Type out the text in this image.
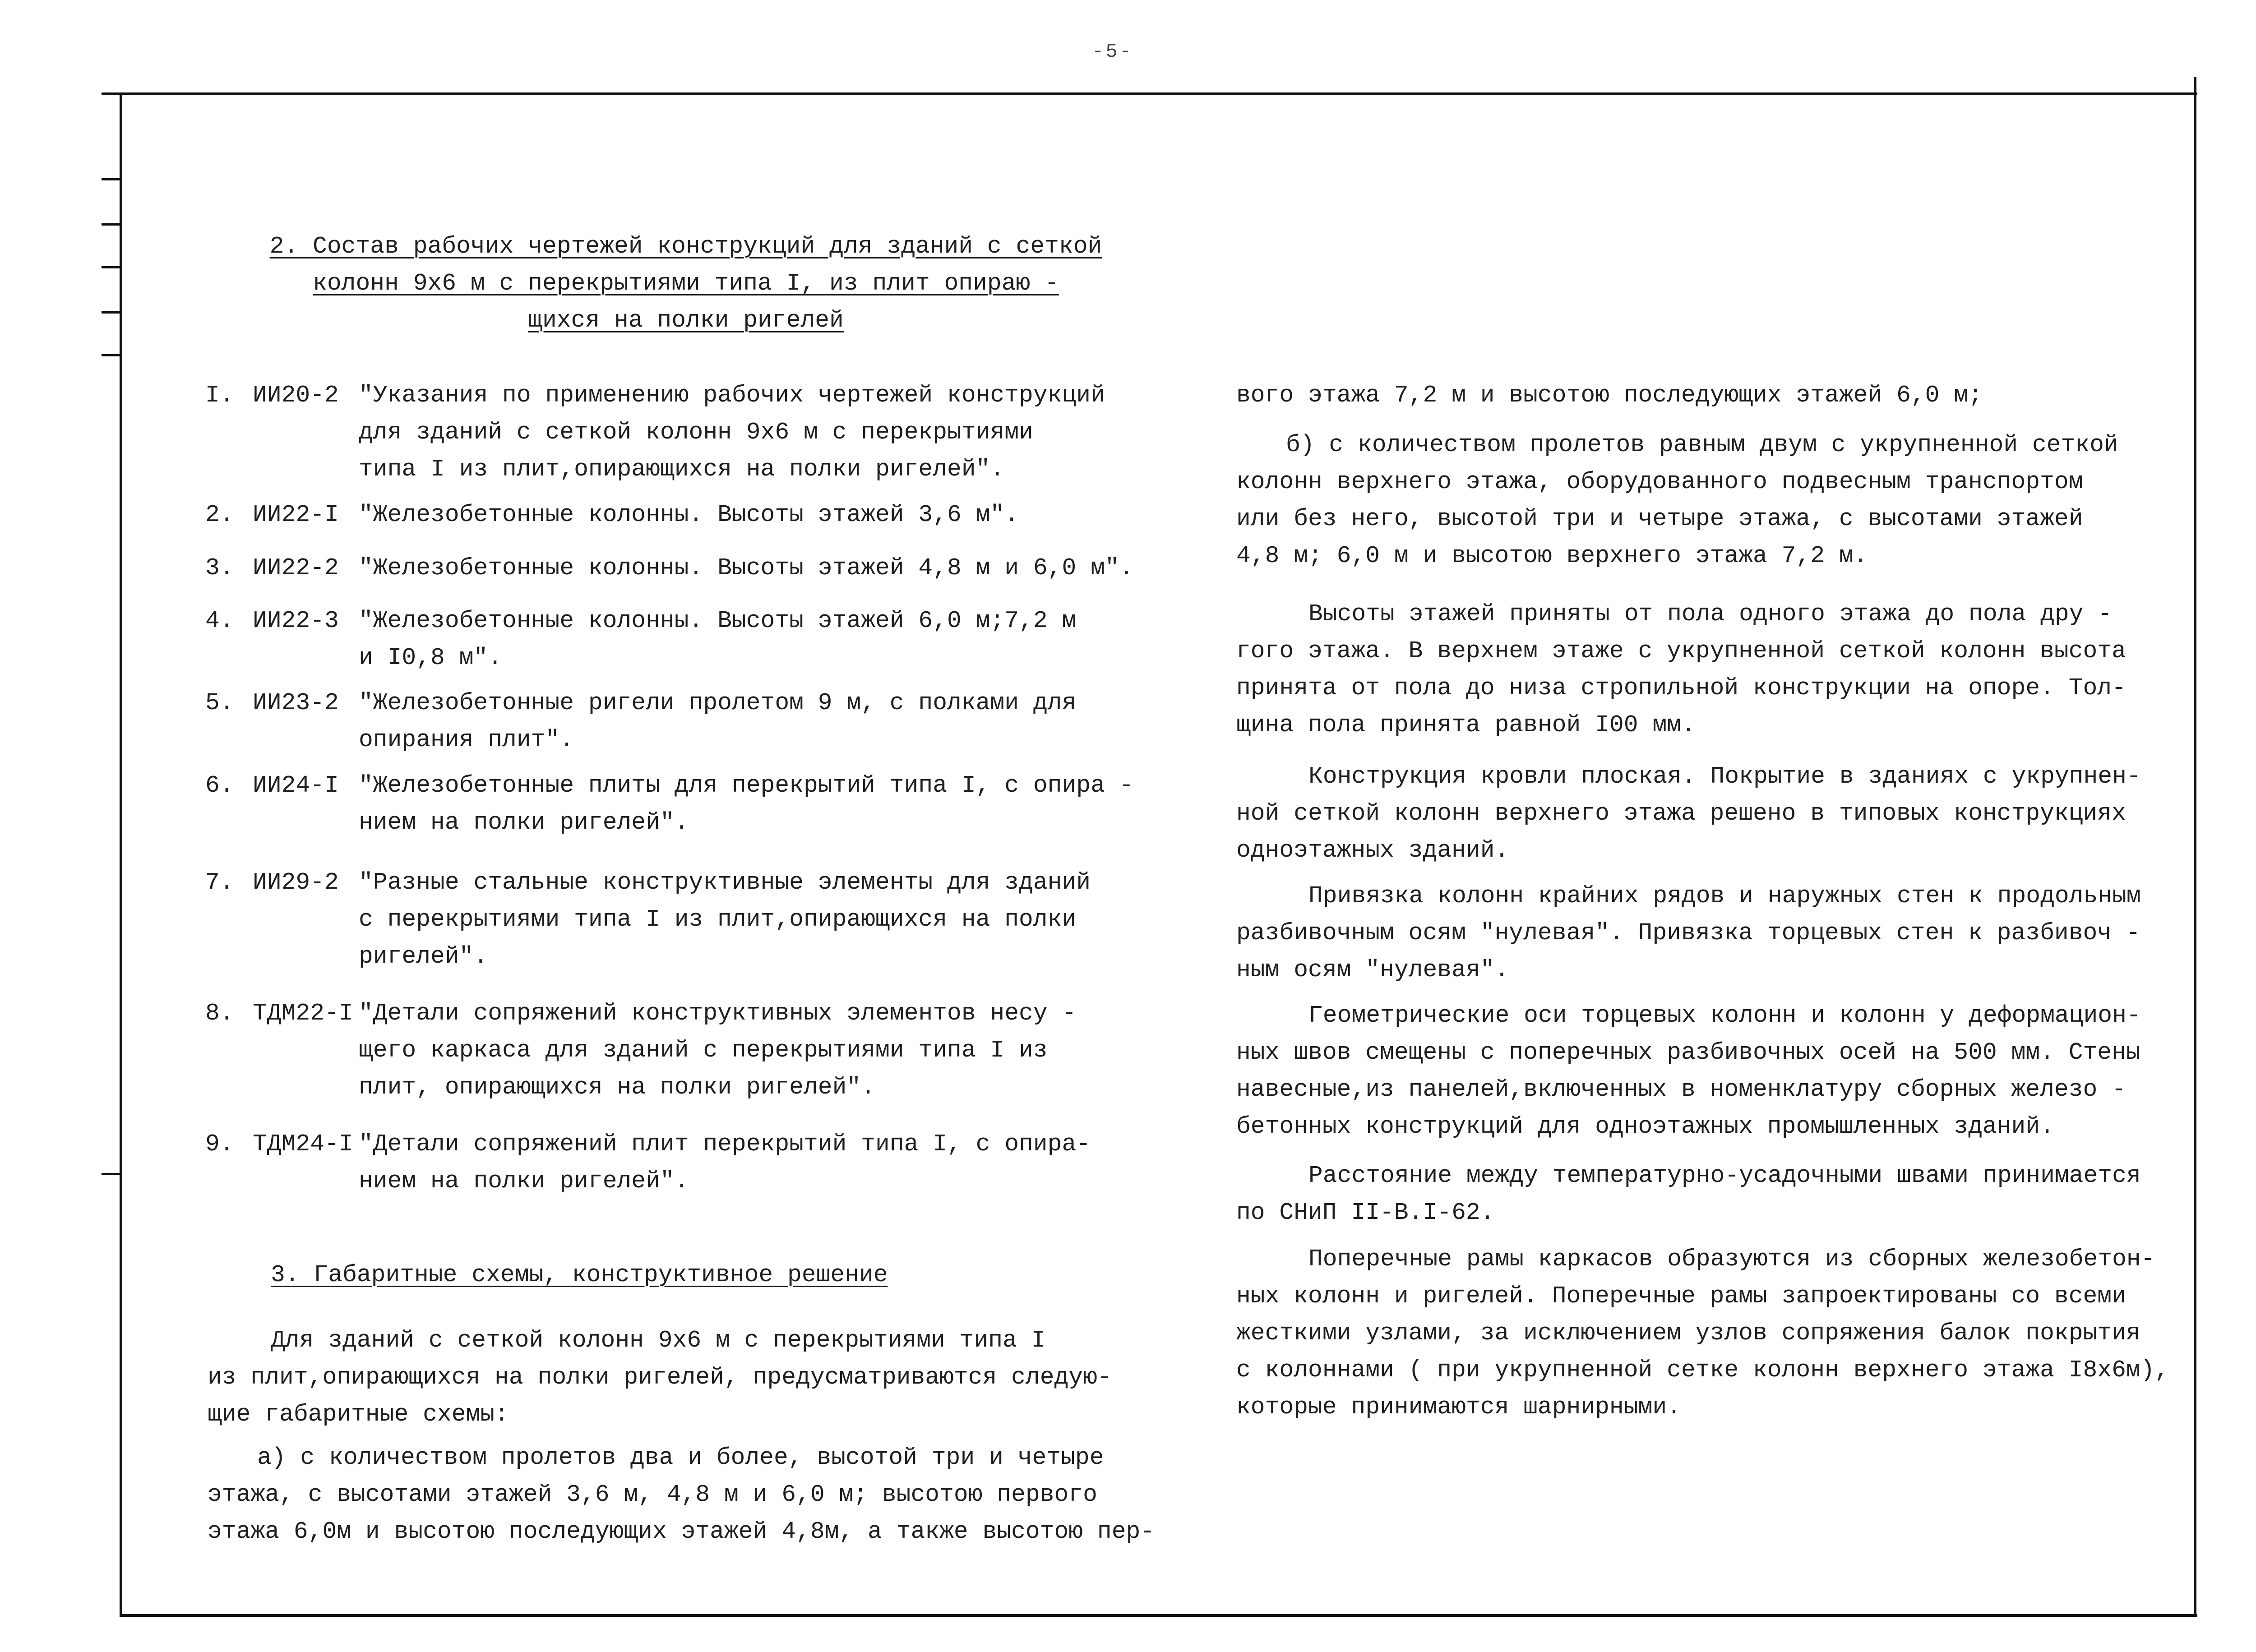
-5-
2. Состав рабочих чертежей конструкций для зданий с сеткой
колонн 9х6 м с перекрытиями типа I, из плит опираю -
щихся на полки ригелей
I. ИИ20-2 "Указания по применению рабочих чертежей конструкций
для зданий с сеткой колонн 9х6 м с перекрытиями
типа I из плит,опирающихся на полки ригелей".
2. ИИ22-I "Железобетонные колонны. Высоты этажей 3,6 м".
3. ИИ22-2 "Железобетонные колонны. Высоты этажей 4,8 м и 6,0 м".
4. ИИ22-3 "Железобетонные колонны. Высоты этажей 6,0 м;7,2 м
и I0,8 м".
5. ИИ23-2 "Железобетонные ригели пролетом 9 м, с полками для
опирания плит".
6. ИИ24-I "Железобетонные плиты для перекрытий типа I, с опира -
нием на полки ригелей".
7. ИИ29-2 "Разные стальные конструктивные элементы для зданий
с перекрытиями типа I из плит,опирающихся на полки
ригелей".
8. ТДМ22-I "Детали сопряжений конструктивных элементов несу -
щего каркаса для зданий с перекрытиями типа I из
плит, опирающихся на полки ригелей".
9. ТДМ24-I "Детали сопряжений плит перекрытий типа I, с опира-
нием на полки ригелей".
3. Габаритные схемы, конструктивное решение
Для зданий с сеткой колонн 9х6 м с перекрытиями типа I
из плит,опирающихся на полки ригелей, предусматриваются следую-
щие габаритные схемы:
а) с количеством пролетов два и более, высотой три и четыре
этажа, с высотами этажей 3,6 м, 4,8 м и 6,0 м; высотою первого
этажа 6,0м и высотою последующих этажей 4,8м, а также высотою пер-
вого этажа 7,2 м и высотою последующих этажей 6,0 м;
б) с количеством пролетов равным двум с укрупненной сеткой
колонн верхнего этажа, оборудованного подвесным транспортом
или без него, высотой три и четыре этажа, с высотами этажей
4,8 м; 6,0 м и высотою верхнего этажа 7,2 м.
Высоты этажей приняты от пола одного этажа до пола дру -
гого этажа. В верхнем этаже с укрупненной сеткой колонн высота
принята от пола до низа стропильной конструкции на опоре. Тол-
щина пола принята равной I00 мм.
Конструкция кровли плоская. Покрытие в зданиях с укрупнен-
ной сеткой колонн верхнего этажа решено в типовых конструкциях
одноэтажных зданий.
Привязка колонн крайних рядов и наружных стен к продольным
разбивочным осям "нулевая". Привязка торцевых стен к разбивоч -
ным осям "нулевая".
Геометрические оси торцевых колонн и колонн у деформацион-
ных швов смещены с поперечных разбивочных осей на 500 мм. Стены
навесные,из панелей,включенных в номенклатуру сборных железо -
бетонных конструкций для одноэтажных промышленных зданий.
Расстояние между температурно-усадочными швами принимается
по СНиП II-В.I-62.
Поперечные рамы каркасов образуются из сборных железобетон-
ных колонн и ригелей. Поперечные рамы запроектированы со всеми
жесткими узлами, за исключением узлов сопряжения балок покрытия
с колоннами ( при укрупненной сетке колонн верхнего этажа I8х6м),
которые принимаются шарнирными.
